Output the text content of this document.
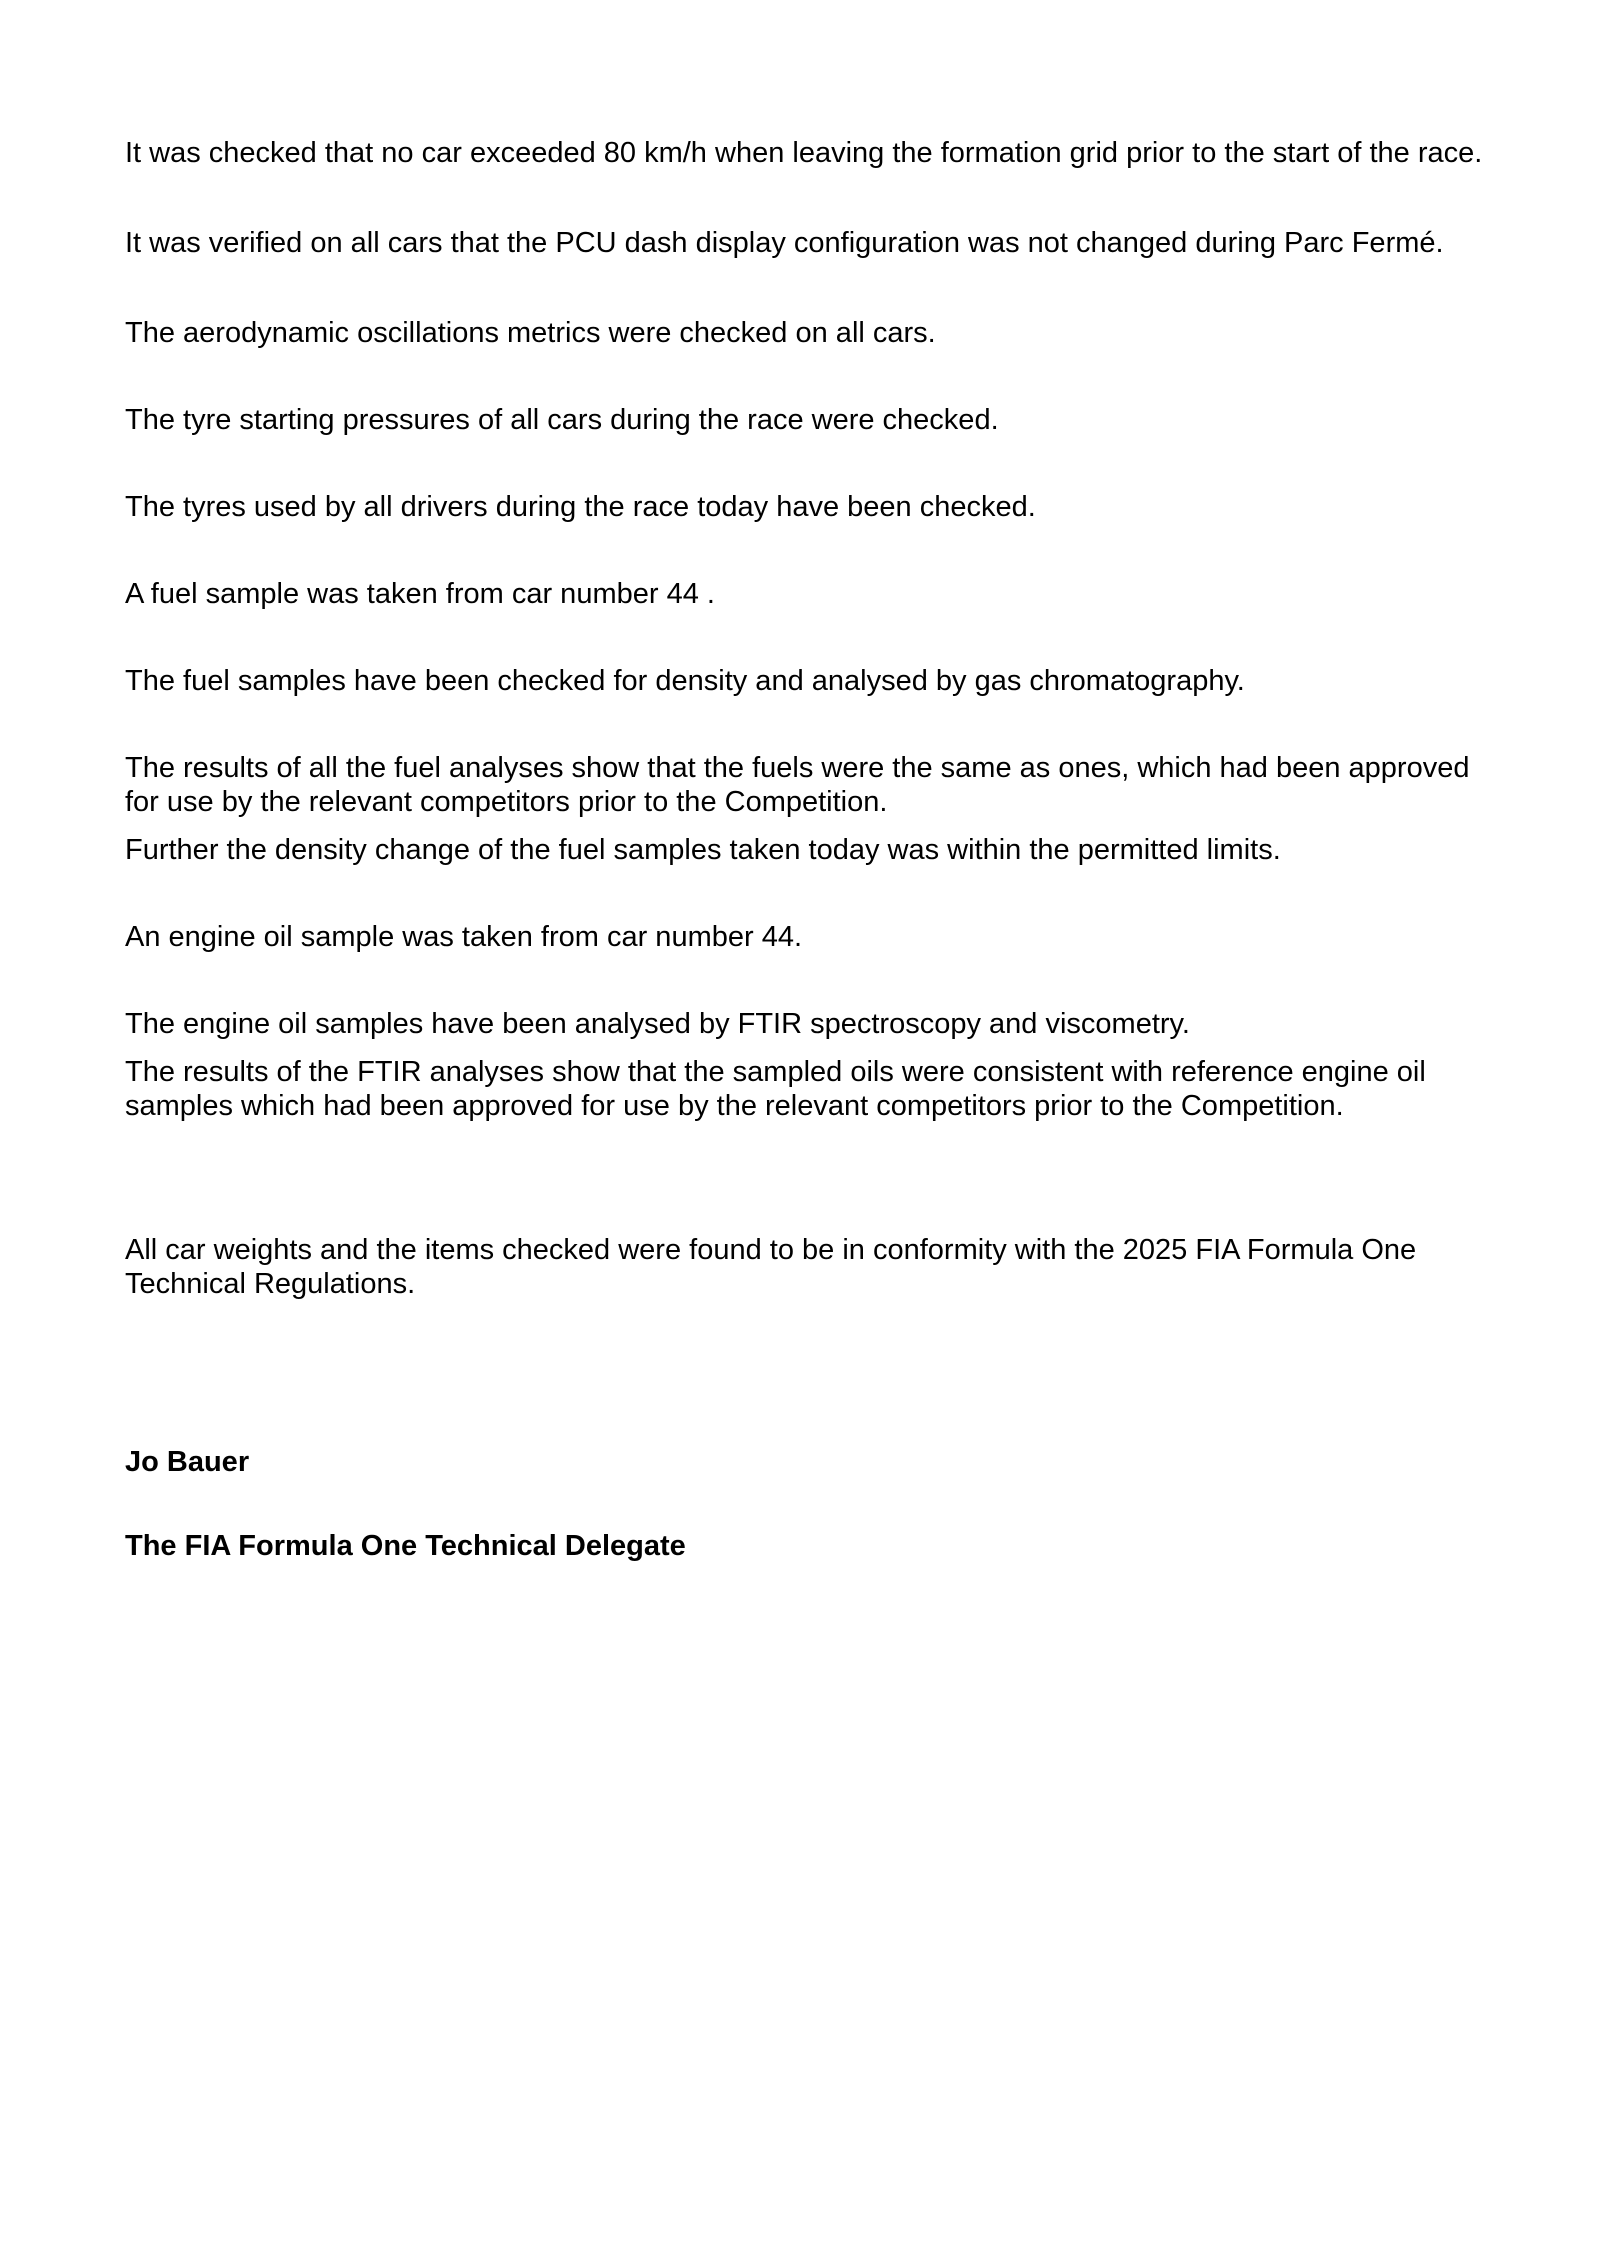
It was checked that no car exceeded 80 km/h when leaving the formation grid prior to the start of the race.

It was verified on all cars that the PCU dash display configuration was not changed during Parc Fermé.

The aerodynamic oscillations metrics were checked on all cars.

The tyre starting pressures of all cars during the race were checked.

The tyres used by all drivers during the race today have been checked.

A fuel sample was taken from car number 44 .

The fuel samples have been checked for density and analysed by gas chromatography.

The results of all the fuel analyses show that the fuels were the same as ones, which had been approved for use by the relevant competitors prior to the Competition.

Further the density change of the fuel samples taken today was within the permitted limits.

An engine oil sample was taken from car number 44.

The engine oil samples have been analysed by FTIR spectroscopy and viscometry.

The results of the FTIR analyses show that the sampled oils were consistent with reference engine oil samples which had been approved for use by the relevant competitors prior to the Competition.

All car weights and the items checked were found to be in conformity with the 2025 FIA Formula One Technical Regulations.

Jo Bauer

The FIA Formula One Technical Delegate
